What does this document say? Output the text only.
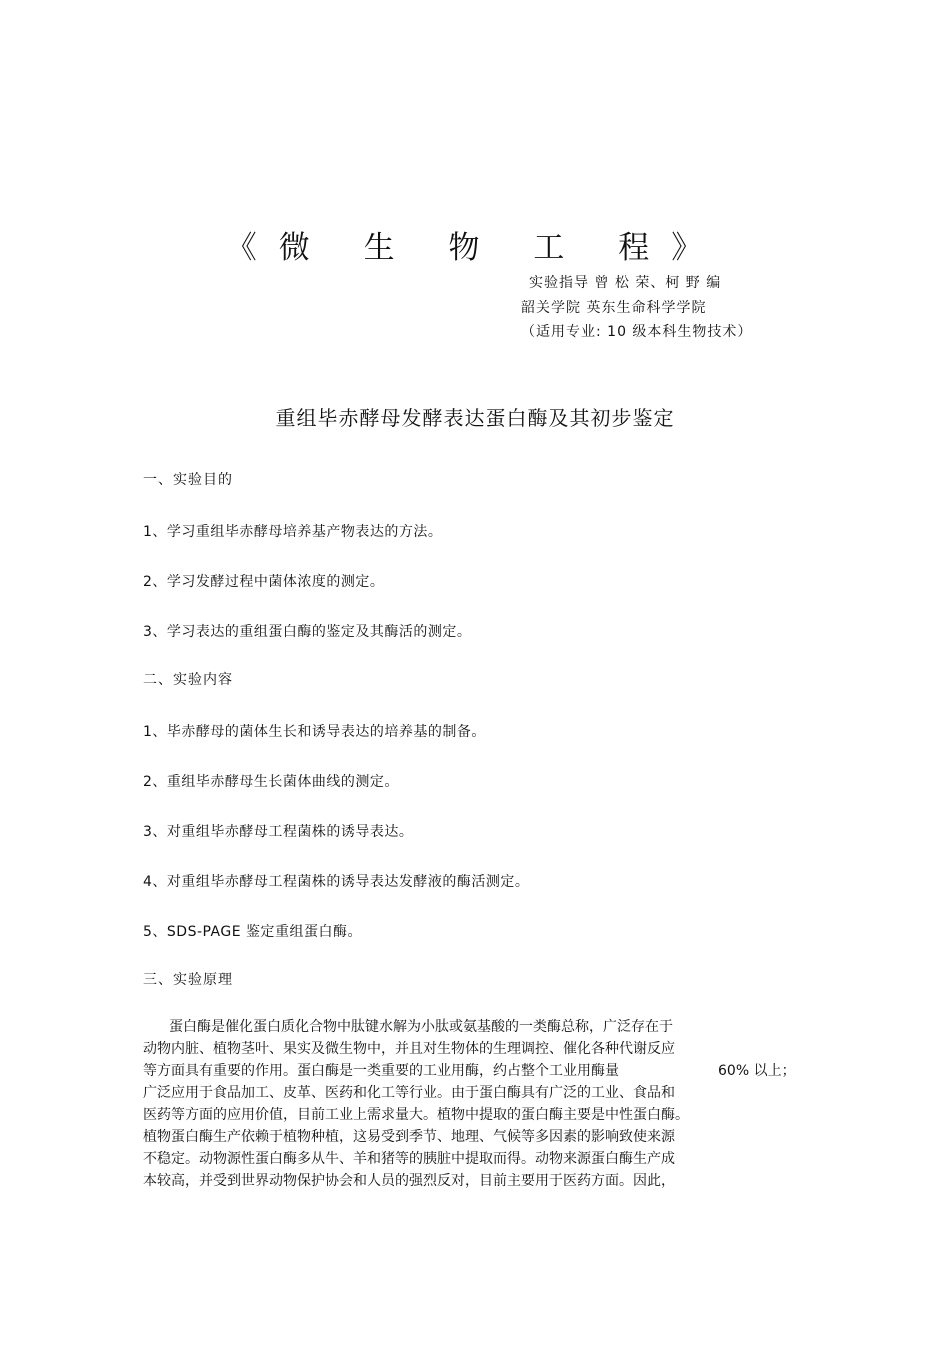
《微 生 物 工 程》
实验指导 曾 松 荣、柯 野 编
韶关学院 英东生命科学学院
（适用专业: 10 级本科生物技术）
重组毕赤酵母发酵表达蛋白酶及其初步鉴定
一、实验目的
1、学习重组毕赤酵母培养基产物表达的方法。
2、学习发酵过程中菌体浓度的测定。
3、学习表达的重组蛋白酶的鉴定及其酶活的测定。
二、实验内容
1、毕赤酵母的菌体生长和诱导表达的培养基的制备。
2、重组毕赤酵母生长菌体曲线的测定。
3、对重组毕赤酵母工程菌株的诱导表达。
4、对重组毕赤酵母工程菌株的诱导表达发酵液的酶活测定。
5、SDS-PAGE 鉴定重组蛋白酶。
三、实验原理
蛋白酶是催化蛋白质化合物中肽键水解为小肽或氨基酸的一类酶总称，广泛存在于
动物内脏、植物茎叶、果实及微生物中，并且对生物体的生理调控、催化各种代谢反应
等方面具有重要的作用。蛋白酶是一类重要的工业用酶，约占整个工业用酶量
广泛应用于食品加工、皮革、医药和化工等行业。由于蛋白酶具有广泛的工业、食品和
医药等方面的应用价值，目前工业上需求量大。植物中提取的蛋白酶主要是中性蛋白酶。
植物蛋白酶生产依赖于植物种植，这易受到季节、地理、气候等多因素的影响致使来源
不稳定。动物源性蛋白酶多从牛、羊和猪等的胰脏中提取而得。动物来源蛋白酶生产成
本较高，并受到世界动物保护协会和人员的强烈反对，目前主要用于医药方面。因此，
60% 以上；
